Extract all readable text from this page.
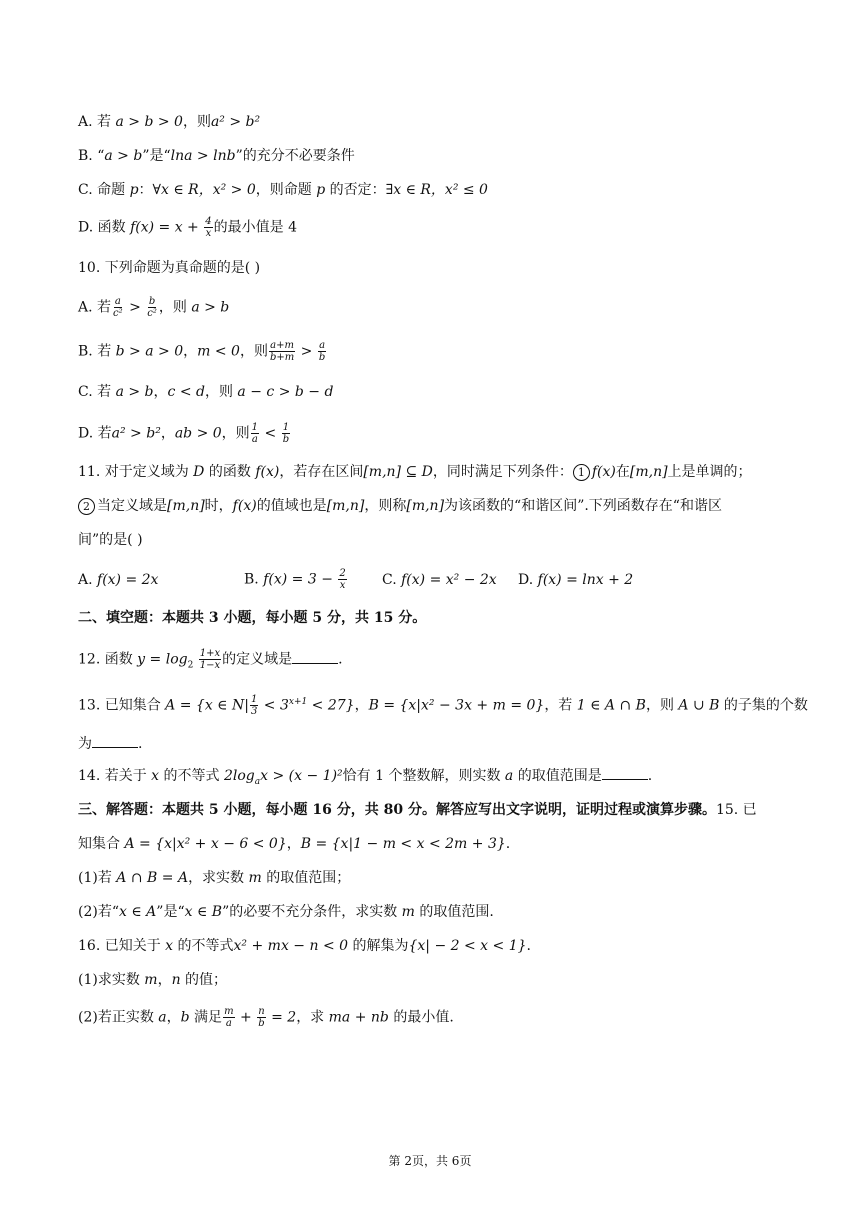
A. 若 a > b > 0，则a² > b²
B. “a > b”是“lna > lnb”的充分不必要条件
C. 命题 p：∀x ∈ R，x² > 0，则命题 p 的否定：∃x ∈ R，x² ≤ 0
D. 函数 $f(x) = x + \frac{4}{x}$ 的最小值是 4
10. 下列命题为真命题的是( )
A. 若 $\frac{a}{\text{c²}} > \frac{b}{\text{c²}}$ ，则 a > b
B. 若 b > a > 0，m < 0，则 $\frac{a+m}{b+m} > \frac{a}{b}$
C. 若 a > b，c < d，则 a − c > b − d
D. 若a² > b²，ab > 0，则 $\frac{1}{a} < \frac{1}{b}$
11. 对于定义域为 D 的函数 f(x)，若存在区间[m,n] ⊆ D，同时满足下列条件： 1 f(x)在[m,n]上是单调的；
2 当定义域是[m,n]时，f(x)的值域也是[m,n]，则称[m,n]为该函数的“和谐区间”.下列函数存在“和谐区
间”的是( )
A. f(x) = 2x	B. $f(x) = 3 - \frac{2}{x}$	C. f(x) = x² − 2x D. f(x) = lnx + 2
二、填空题：本题共 3 小题，每小题 5 分，共 15 分。
12. 函数 $y = \log_2 \frac{1+x}{1-x}$ 的定义域是	.
13. 已知集合 A = {x ∈ $N| \frac{1}{3} < 3^{x+1} < 27$}，B = {x|x² − 3x + m = 0}，若 1 ∈ A ∩ B，则 A ∪ B 的子集的个数
为	.
14. 若关于 x 的不等式 $2\log_ax > (x - 1)^2$恰有 1 个整数解，则实数 a 的取值范围是	.
三、解答题：本题共 5 小题，每小题 16 分，共 80 分。解答应写出文字说明，证明过程或演算步骤。15. 已
知集合 A = {x|x² + x − 6 < 0}，B = {x|1 − m < x < 2m + 3}.
(1)若 A ∩ B = A，求实数 m 的取值范围；
(2)若“x ∈ A”是“x ∈ B”的必要不充分条件，求实数 m 的取值范围.
16. 已知关于 x 的不等式x² + mx − n < 0 的解集为{x| − 2 < x < 1}.
(1)求实数 m，n 的值；
(2)若正实数 a，b 满足 $\frac{m}{a} + \frac{n}{b} = 2$，求 ma + nb 的最小值.
第 2页，共 6页
